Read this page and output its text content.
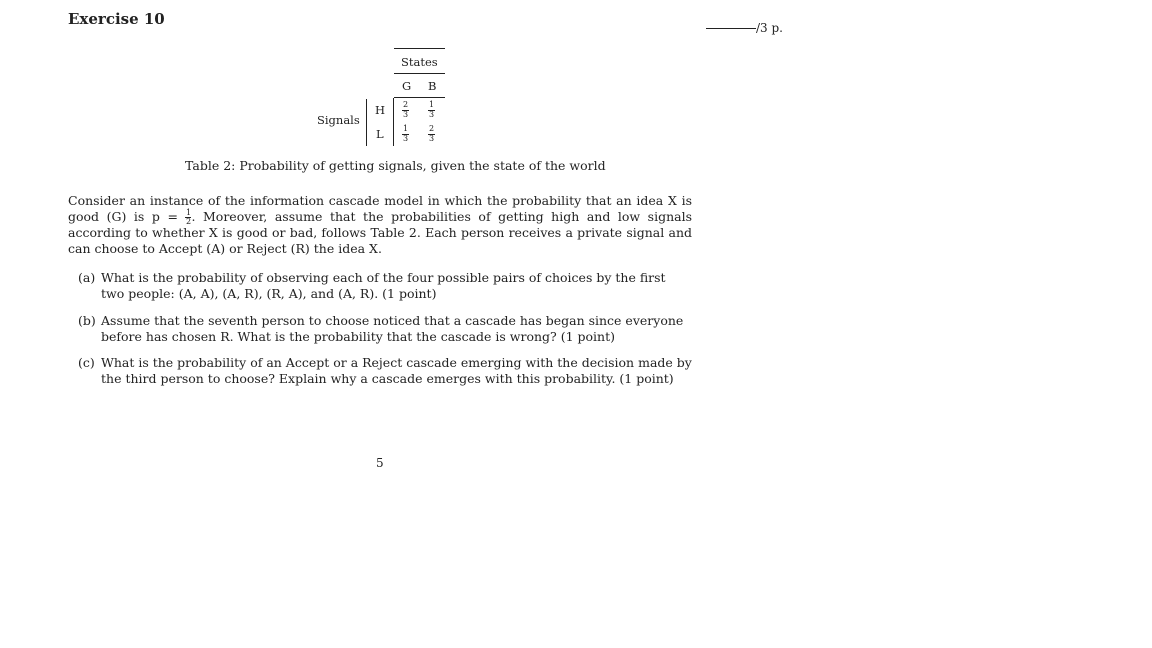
Exercise 10	/3 p.
States
G B
Signals
H
L
2
3
1
3
1
3
2
3
Table 2: Probability of getting signals, given the state of the world
Consider an instance of the information cascade model in which the probability that an idea X is good (G) is $p = \frac{1}{2}$ . Moreover, assume that the probabilities of getting high and low signals according to whether X is good or bad, follows Table 2. Each person receives a private signal and can choose to Accept (A) or Reject (R) the idea X.
(a) What is the probability of observing each of the four possible pairs of choices by the first two people: (A, A), (A, R), (R, A), and (A, R). (1 point)
(b) Assume that the seventh person to choose noticed that a cascade has began since everyone before has chosen R. What is the probability that the cascade is wrong? (1 point)
(c) What is the probability of an Accept or a Reject cascade emerging with the decision made by the third person to choose? Explain why a cascade emerges with this probability. (1 point)
5
